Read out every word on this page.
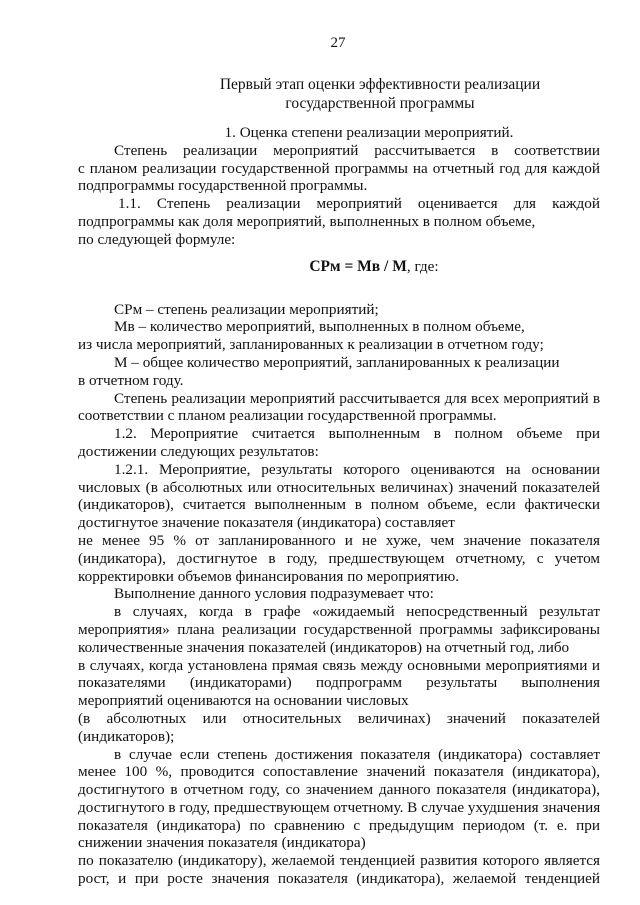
27
Первый этап оценки эффективности реализации
государственной программы
1. Оценка степени реализации мероприятий.
Степень реализации мероприятий рассчитывается в соответствии
с планом реализации государственной программы на отчетный год для каждой
подпрограммы государственной программы.
1.1. Степень реализации мероприятий оценивается для каждой
подпрограммы как доля мероприятий, выполненных в полном объеме,
по следующей формуле:
СРм = Мв / М, где:
СРм – степень реализации мероприятий;
Мв – количество мероприятий, выполненных в полном объеме,
из числа мероприятий, запланированных к реализации в отчетном году;
М – общее количество мероприятий, запланированных к реализации
в отчетном году.
Степень реализации мероприятий рассчитывается для всех мероприятий в
соответствии с планом реализации государственной программы.
1.2. Мероприятие считается выполненным в полном объеме при
достижении следующих результатов:
1.2.1. Мероприятие, результаты которого оцениваются на основании
числовых (в абсолютных или относительных величинах) значений показателей
(индикаторов), считается выполненным в полном объеме, если фактически
достигнутое значение показателя (индикатора) составляет
не менее 95 % от запланированного и не хуже, чем значение показателя
(индикатора), достигнутое в году, предшествующем отчетному, с учетом
корректировки объемов финансирования по мероприятию.
Выполнение данного условия подразумевает что:
в случаях, когда в графе «ожидаемый непосредственный результат
мероприятия» плана реализации государственной программы зафиксированы
количественные значения показателей (индикаторов) на отчетный год, либо
в случаях, когда установлена прямая связь между основными мероприятиями и
показателями (индикаторами) подпрограмм результаты выполнения
мероприятий оцениваются на основании числовых
(в абсолютных или относительных величинах) значений показателей
(индикаторов);
в случае если степень достижения показателя (индикатора) составляет
менее 100 %, проводится сопоставление значений показателя (индикатора),
достигнутого в отчетном году, со значением данного показателя (индикатора),
достигнутого в году, предшествующем отчетному. В случае ухудшения значения
показателя (индикатора) по сравнению с предыдущим периодом (т. е. при
снижении значения показателя (индикатора)
по показателю (индикатору), желаемой тенденцией развития которого является
рост, и при росте значения показателя (индикатора), желаемой тенденцией
